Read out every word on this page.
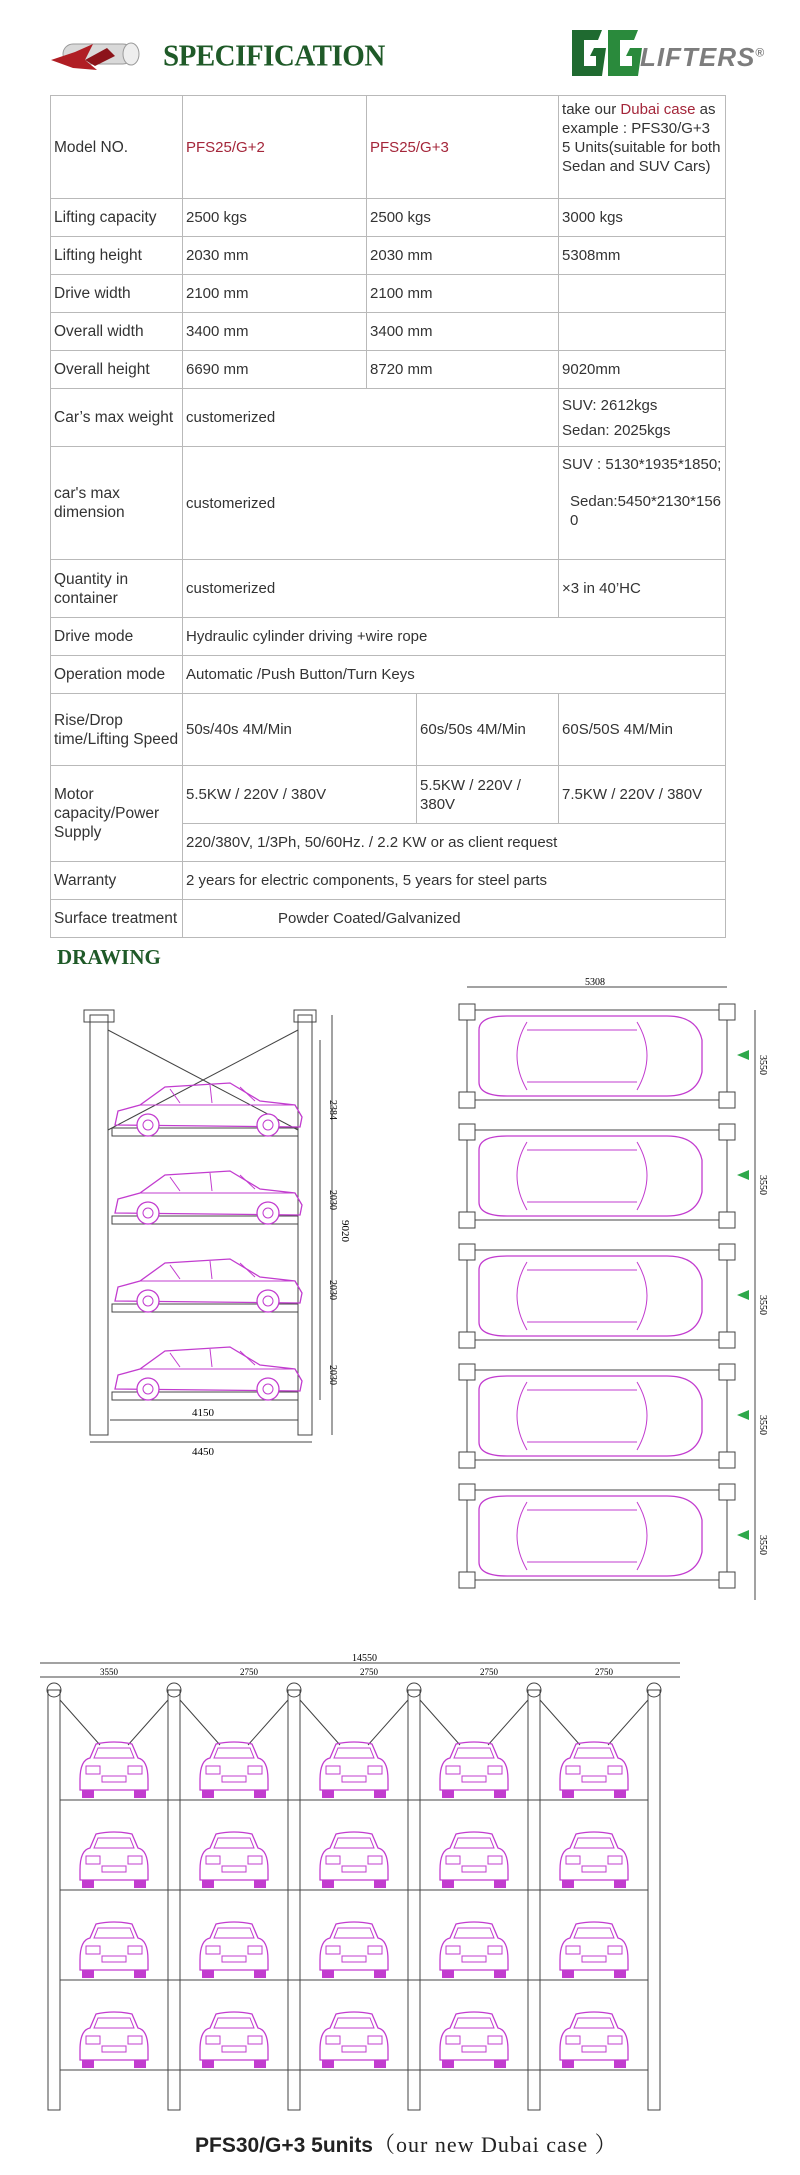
SPECIFICATION	LIFTERS®
Model NO.	PFS25/G+2	PFS25/G+3		take our Dubai case as example : PFS30/G+3 5 Units(suitable for both Sedan and SUV Cars)
Lifting capacity	2500 kgs	2500 kgs		3000 kgs
Lifting height	2030 mm	2030 mm		5308mm
Drive width	2100 mm	2100 mm		
Overall width	3400 mm	3400 mm		
Overall height	6690 mm	8720 mm		9020mm
Car’s max weight	customerized			SUV: 2612kgs
Sedan: 2025kgs

car's max dimension	customerized			SUV : 5130*1935*1850;
Sedan:5450*2130*1560

Quantity in container	customerized			×3 in 40’HC
Drive mode	Hydraulic cylinder driving +wire rope			
Operation mode	Automatic /Push Button/Turn Keys			
Rise/Drop time/Lifting Speed	50s/40s 4M/Min		60s/50s 4M/Min	60S/50S 4M/Min
Motor capacity/Power Supply	5.5KW / 220V / 380V		5.5KW / 220V / 380V	7.5KW / 220V / 380V
	220/380V, 1/3Ph, 50/60Hz. / 2.2 KW or as client request			
Warranty	2 years for electric components, 5 years for steel parts			
Surface treatment	Powder Coated/Galvanized			
DRAWING
2384
2030
2030
2030
9020
4150
4450
5308
3550
3550
3550
3550
3550
14550
3550	2750	2750	2750	2750
PFS30/G+3 5units（our new Dubai case ）
